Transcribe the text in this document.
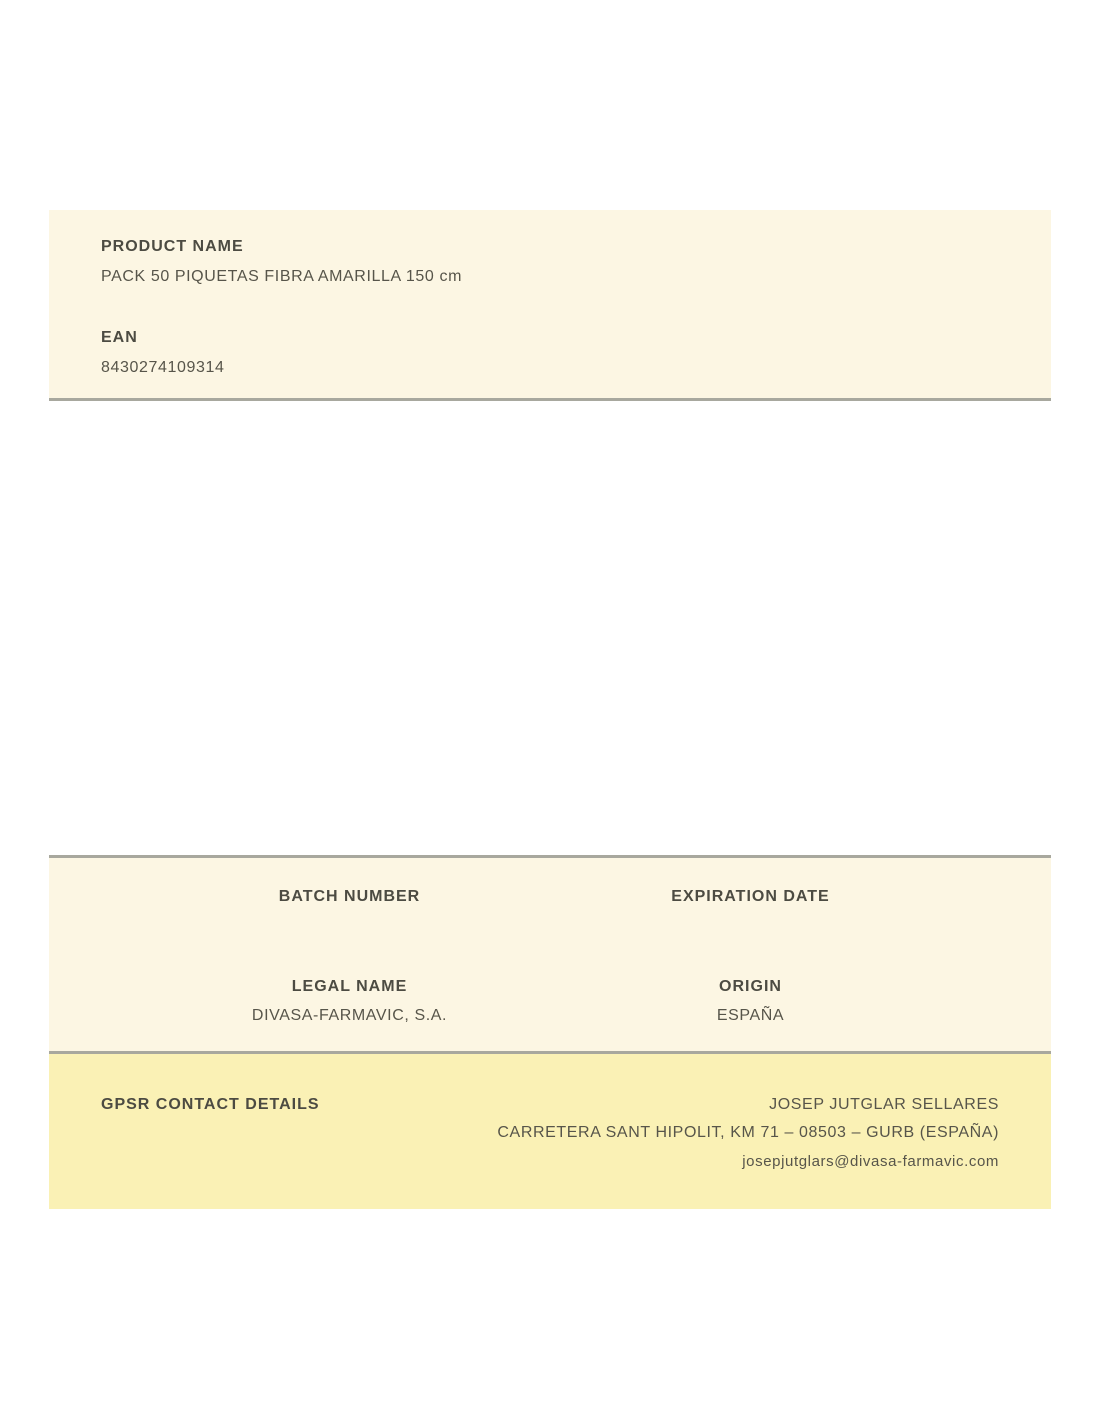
PRODUCT NAME
PACK 50 PIQUETAS FIBRA AMARILLA 150 cm
EAN
8430274109314
BATCH NUMBER	EXPIRATION DATE
LEGAL NAME
DIVASA-FARMAVIC, S.A.
ORIGIN
ESPAÑA
GPSR CONTACT DETAILS	JOSEP JUTGLAR SELLARES
CARRETERA SANT HIPOLIT, KM 71 – 08503 – GURB (ESPAÑA)
josepjutglars@divasa-farmavic.com
